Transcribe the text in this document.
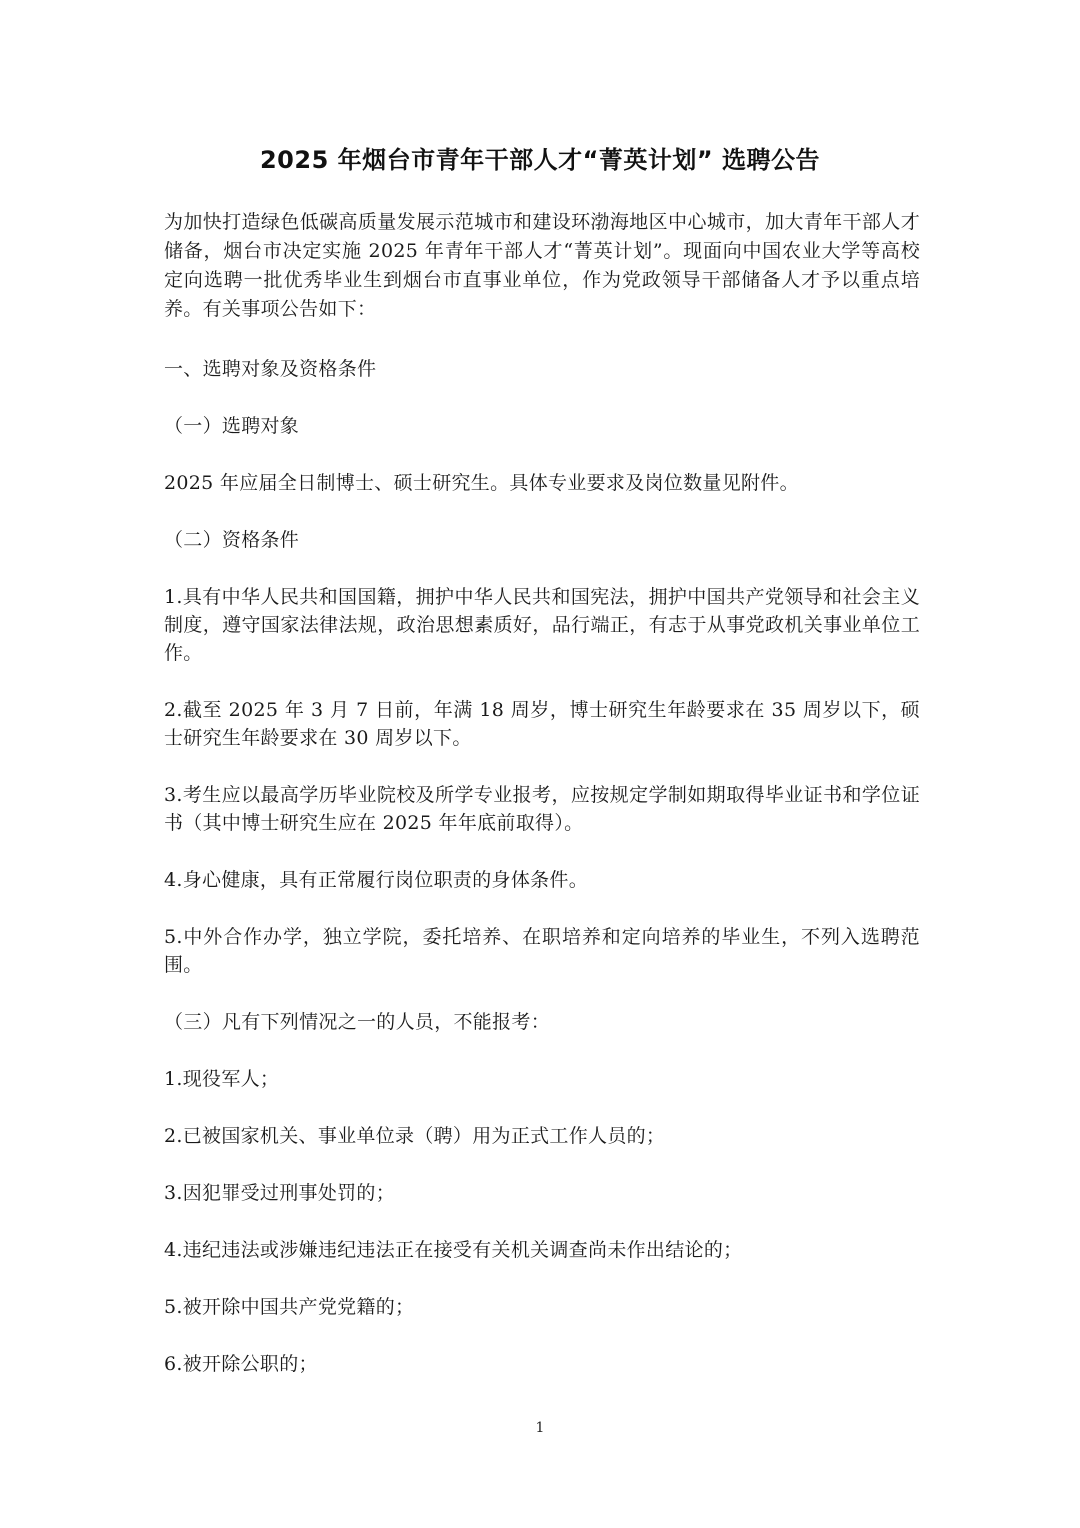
2025 年烟台市青年干部人才“菁英计划” 选聘公告

为加快打造绿色低碳高质量发展示范城市和建设环渤海地区中心城市，加大青年干部人才储备，烟台市决定实施 2025 年青年干部人才“菁英计划”。现面向中国农业大学等高校定向选聘一批优秀毕业生到烟台市直事业单位，作为党政领导干部储备人才予以重点培养。有关事项公告如下：

一、选聘对象及资格条件

（一）选聘对象

2025 年应届全日制博士、硕士研究生。具体专业要求及岗位数量见附件。

（二）资格条件

1.具有中华人民共和国国籍，拥护中华人民共和国宪法，拥护中国共产党领导和社会主义制度，遵守国家法律法规，政治思想素质好，品行端正，有志于从事党政机关事业单位工作。

2.截至 2025 年 3 月 7 日前，年满 18 周岁，博士研究生年龄要求在 35 周岁以下，硕士研究生年龄要求在 30 周岁以下。

3.考生应以最高学历毕业院校及所学专业报考，应按规定学制如期取得毕业证书和学位证书（其中博士研究生应在 2025 年年底前取得）。

4.身心健康，具有正常履行岗位职责的身体条件。

5.中外合作办学，独立学院，委托培养、在职培养和定向培养的毕业生，不列入选聘范围。

（三）凡有下列情况之一的人员，不能报考：

1.现役军人；

2.已被国家机关、事业单位录（聘）用为正式工作人员的；

3.因犯罪受过刑事处罚的；

4.违纪违法或涉嫌违纪违法正在接受有关机关调查尚未作出结论的；

5.被开除中国共产党党籍的；

6.被开除公职的；

1
